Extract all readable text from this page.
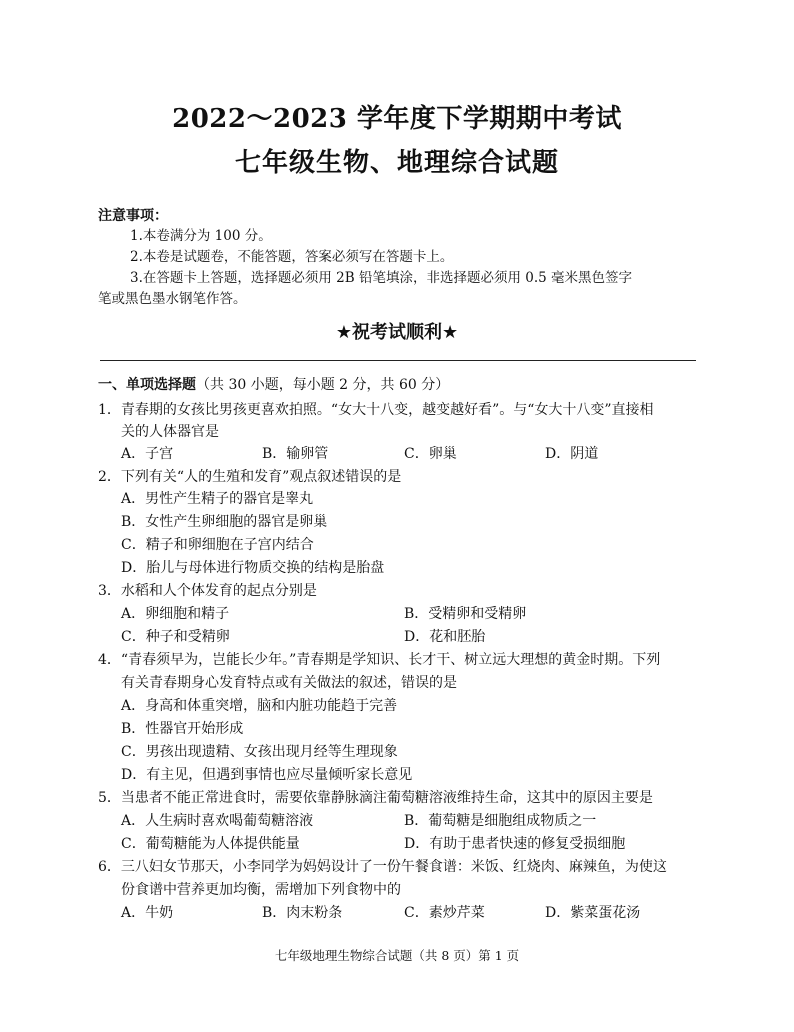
2022～2023 学年度下学期期中考试
七年级生物、地理综合试题
注意事项：
1.本卷满分为 100 分。
2.本卷是试题卷，不能答题，答案必须写在答题卡上。
3.在答题卡上答题，选择题必须用 2B 铅笔填涂，非选择题必须用 0.5 毫米黑色签字
笔或黑色墨水钢笔作答。
★祝考试顺利★
一、单项选择题（共 30 小题，每小题 2 分，共 60 分）
1．青春期的女孩比男孩更喜欢拍照。“女大十八变，越变越好看”。与“女大十八变”直接相
关的人体器官是
A．子宫	B．输卵管	C．卵巢	D．阴道
2．下列有关“人的生殖和发育”观点叙述错误的是
A．男性产生精子的器官是睾丸
B．女性产生卵细胞的器官是卵巢
C．精子和卵细胞在子宫内结合
D．胎儿与母体进行物质交换的结构是胎盘
3．水稻和人个体发育的起点分别是
A．卵细胞和精子	B．受精卵和受精卵
C．种子和受精卵	D．花和胚胎
4．“青春须早为，岂能长少年。”青春期是学知识、长才干、树立远大理想的黄金时期。下列
有关青春期身心发育特点或有关做法的叙述，错误的是
A．身高和体重突增，脑和内脏功能趋于完善
B．性器官开始形成
C．男孩出现遗精、女孩出现月经等生理现象
D．有主见，但遇到事情也应尽量倾听家长意见
5．当患者不能正常进食时，需要依靠静脉滴注葡萄糖溶液维持生命，这其中的原因主要是
A．人生病时喜欢喝葡萄糖溶液	B．葡萄糖是细胞组成物质之一
C．葡萄糖能为人体提供能量	D．有助于患者快速的修复受损细胞
6．三八妇女节那天，小李同学为妈妈设计了一份午餐食谱：米饭、红烧肉、麻辣鱼，为使这
份食谱中营养更加均衡，需增加下列食物中的
A．牛奶	B．肉末粉条	C．素炒芹菜	D．紫菜蛋花汤
七年级地理生物综合试题（共 8 页）第 1 页
